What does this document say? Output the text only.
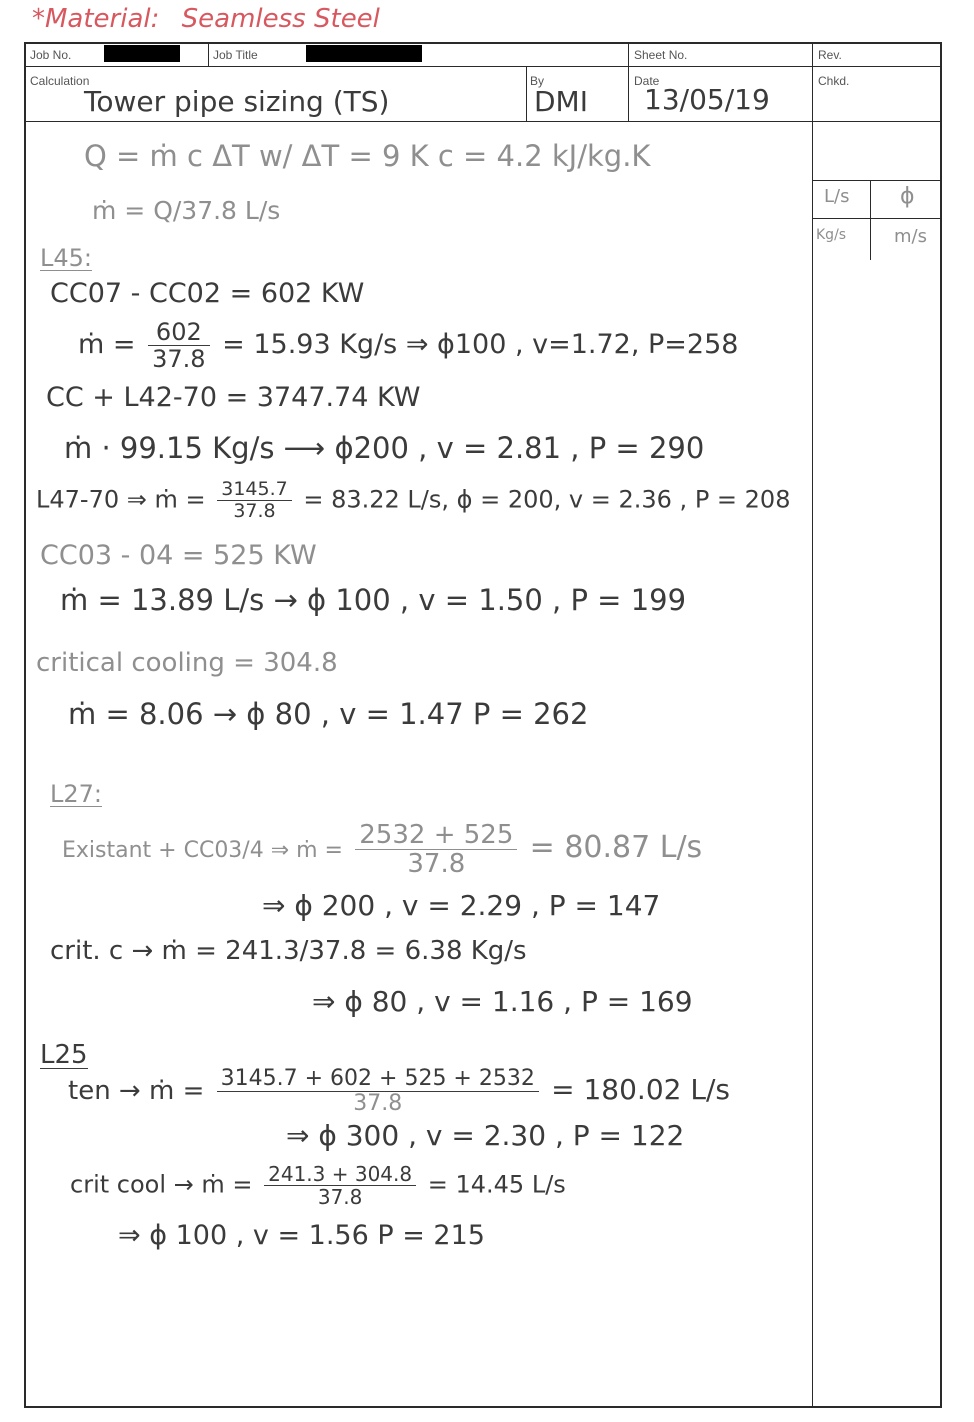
*Material: Seamless Steel
Job No.	Job Title	Sheet No.	Rev.
Calculation	By	Date	Chkd.
Tower pipe sizing (TS)	DMI 13/05/19
L/s ϕ
Kg/s	m/s
Q = ṁ c ΔT w/ ΔT = 9 K c = 4.2 kJ/kg.K
ṁ = Q/37.8 L/s
L45:
CC07 - CC02 = 602 KW
ṁ = $\frac{602}{37.8} = 15.93$ Kg/s ⇒ ϕ100 , v=1.72, P=258
CC + L42-70 = 3747.74 KW
ṁ · 99.15 Kg/s ⟶ ϕ200 , v = 2.81 , P = 290
L47-70 ⇒ ṁ = $\frac{3145.7}{37.8} = 83.22$ L/s, ϕ = 200, v = 2.36 , P = 208
CC03 - 04 = 525 KW
ṁ = 13.89 L/s → ϕ 100 , v = 1.50 , P = 199
critical cooling = 304.8
ṁ = 8.06 → ϕ 80 , v = 1.47 P = 262
L27:
Existant + CC03/4 ⇒ ṁ = $\frac{2532 + 525}{37.8} = 80.87$ L/s
⇒ ϕ 200 , v = 2.29 , P = 147
crit. c → ṁ = 241.3/37.8 = 6.38 Kg/s
⇒ ϕ 80 , v = 1.16 , P = 169
L25
ten → ṁ = $\frac{3145.7 + 602 + 525 + 2532}{37.8} = 180.02$ L/s
⇒ ϕ 300 , v = 2.30 , P = 122
crit cool → ṁ = $\frac{241.3 + 304.8}{37.8} = 14.45$ L/s
⇒ ϕ 100 , v = 1.56 P = 215
